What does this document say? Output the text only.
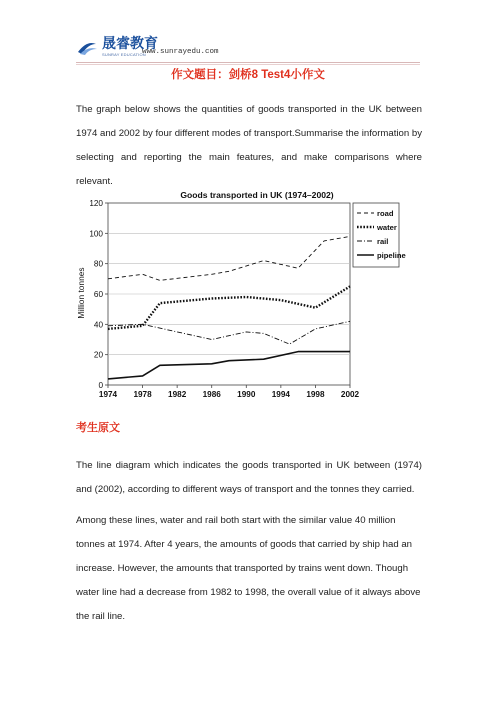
晟睿教育
SUNRAY EDUCATION
www.sunrayedu.com
作文题目：剑桥8 Test4小作文
The graph below shows the quantities of goods transported in the UK between 1974 and 2002 by four different modes of transport.Summarise the information by selecting and reporting the main features, and make comparisons where relevant.
Goods transported in UK (1974–2002)
Million tonnes
0
20
40
60
80
100
120
1974 1978 1982 1986 1990 1994 1998 2002
road
water
rail
pipeline
考生原文
The line diagram which indicates the goods transported in UK between (1974) and (2002), according to different ways of transport and the tonnes they carried.
Among these lines, water and rail both start with the similar value 40 million tonnes at 1974. After 4 years, the amounts of goods that carried by ship had an increase. However, the amounts that transported by trains went down. Though water line had a decrease from 1982 to 1998, the overall value of it always above the rail line.
